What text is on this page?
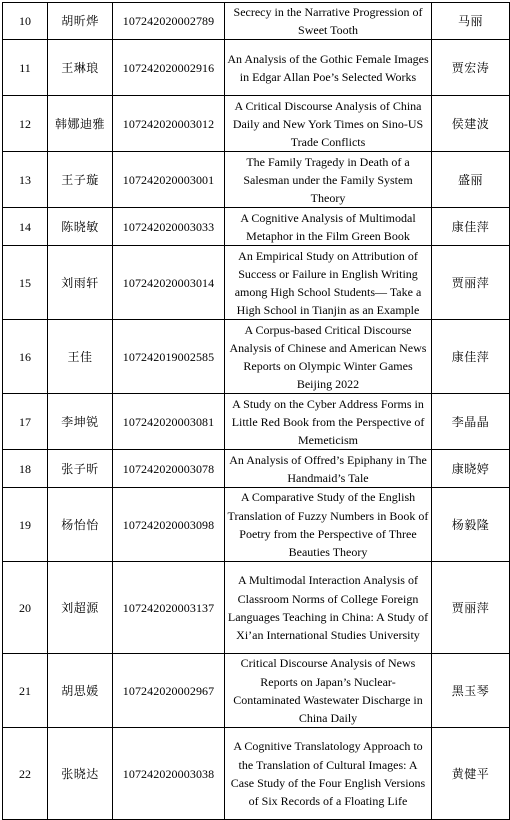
10	胡昕烨	107242020002789	Secrecy in the Narrative Progression of Sweet Tooth	马丽
11	王琳琅	107242020002916	An Analysis of the Gothic Female Images in Edgar Allan Poe’s Selected Works	贾宏涛
12	韩娜迪雅	107242020003012	A Critical Discourse Analysis of China Daily and New York Times on Sino-US Trade Conflicts	侯建波
13	王子璇	107242020003001	The Family Tragedy in Death of a Salesman under the Family System Theory	盛丽
14	陈晓敏	107242020003033	A Cognitive Analysis of Multimodal Metaphor in the Film Green Book	康佳萍
15	刘雨轩	107242020003014	An Empirical Study on Attribution of Success or Failure in English Writing among High School Students— Take a High School in Tianjin as an Example	贾丽萍
16	王佳	107242019002585	A Corpus-based Critical Discourse Analysis of Chinese and American News Reports on Olympic Winter Games Beijing 2022	康佳萍
17	李坤锐	107242020003081	A Study on the Cyber Address Forms in Little Red Book from the Perspective of Memeticism	李晶晶
18	张子昕	107242020003078	An Analysis of Offred’s Epiphany in The Handmaid’s Tale	康晓婷
19	杨怡怡	107242020003098	A Comparative Study of the English Translation of Fuzzy Numbers in Book of Poetry from the Perspective of Three Beauties Theory	杨毅隆
20	刘超源	107242020003137	A Multimodal Interaction Analysis of Classroom Norms of College Foreign Languages Teaching in China: A Study of Xi’an International Studies University	贾丽萍
21	胡思媛	107242020002967	Critical Discourse Analysis of News Reports on Japan’s Nuclear-Contaminated Wastewater Discharge in China Daily	黑玉琴
22	张晓达	107242020003038	A Cognitive Translatology Approach to the Translation of Cultural Images: A Case Study of the Four English Versions of Six Records of a Floating Life	黄健平
